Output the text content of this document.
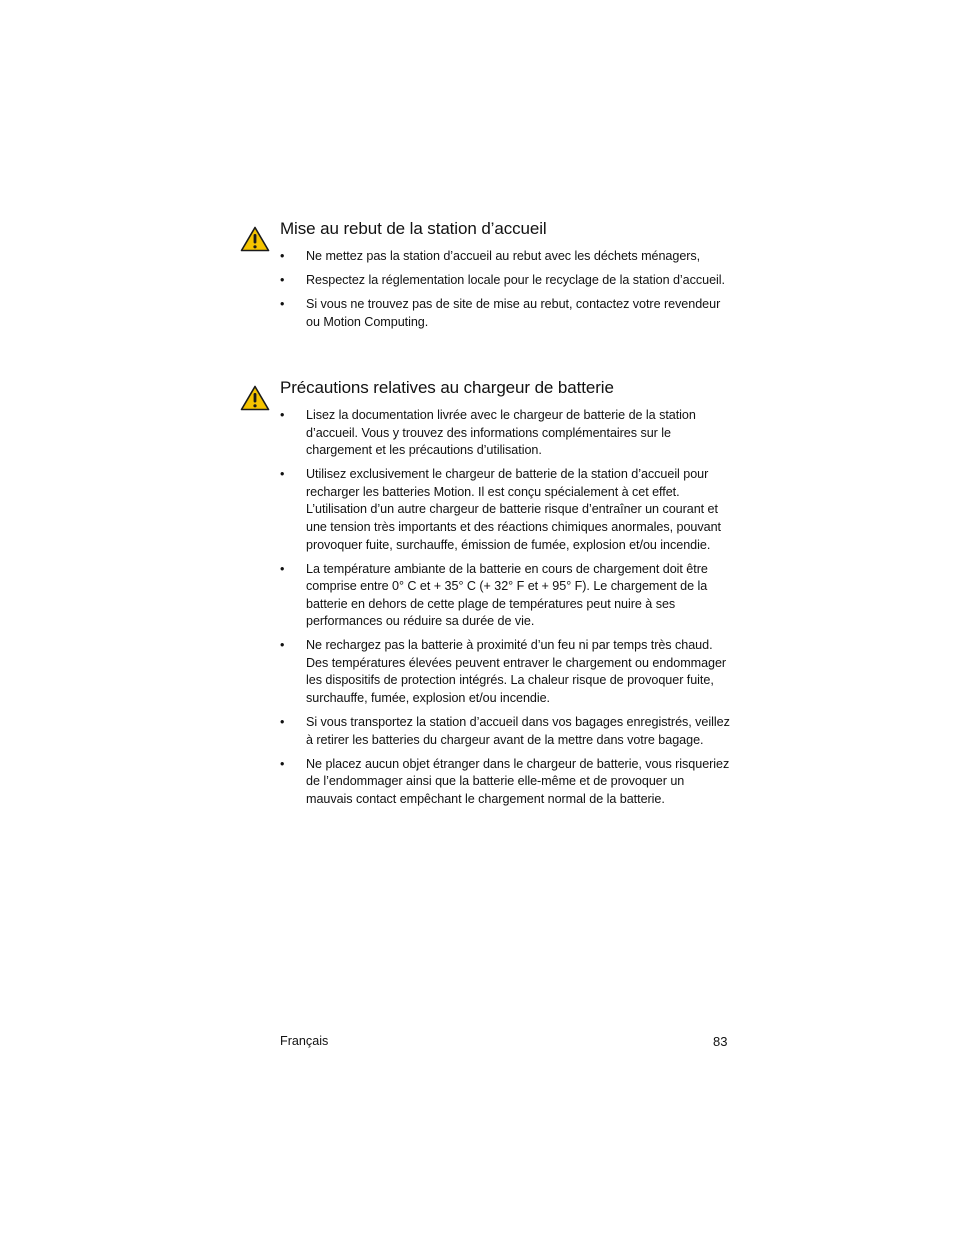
Mise au rebut de la station d’accueil
• Ne mettez pas la station d’accueil au rebut avec les déchets ménagers,
• Respectez la réglementation locale pour le recyclage de la station d’accueil.
• Si vous ne trouvez pas de site de mise au rebut, contactez votre revendeur ou Motion Computing.
Précautions relatives au chargeur de batterie
• Lisez la documentation livrée avec le chargeur de batterie de la station d’accueil. Vous y trouvez des informations complémentaires sur le chargement et les précautions d’utilisation.
• Utilisez exclusivement le chargeur de batterie de la station d’accueil pour recharger les batteries Motion. Il est conçu spécialement à cet effet. L’utilisation d’un autre chargeur de batterie risque d’entraîner un courant et une tension très importants et des réactions chimiques anormales, pouvant provoquer fuite, surchauffe, émission de fumée, explosion et/ou incendie.
• La température ambiante de la batterie en cours de chargement doit être comprise entre 0° C et + 35° C (+ 32° F et + 95° F). Le chargement de la batterie en dehors de cette plage de températures peut nuire à ses performances ou réduire sa durée de vie.
• Ne rechargez pas la batterie à proximité d’un feu ni par temps très chaud. Des températures élevées peuvent entraver le chargement ou endommager les dispositifs de protection intégrés. La chaleur risque de provoquer fuite, surchauffe, fumée, explosion et/ou incendie.
• Si vous transportez la station d’accueil dans vos bagages enregistrés, veillez à retirer les batteries du chargeur avant de la mettre dans votre bagage.
• Ne placez aucun objet étranger dans le chargeur de batterie, vous risqueriez de l’endommager ainsi que la batterie elle-même et de provoquer un mauvais contact empêchant le chargement normal de la batterie.
Français	83
